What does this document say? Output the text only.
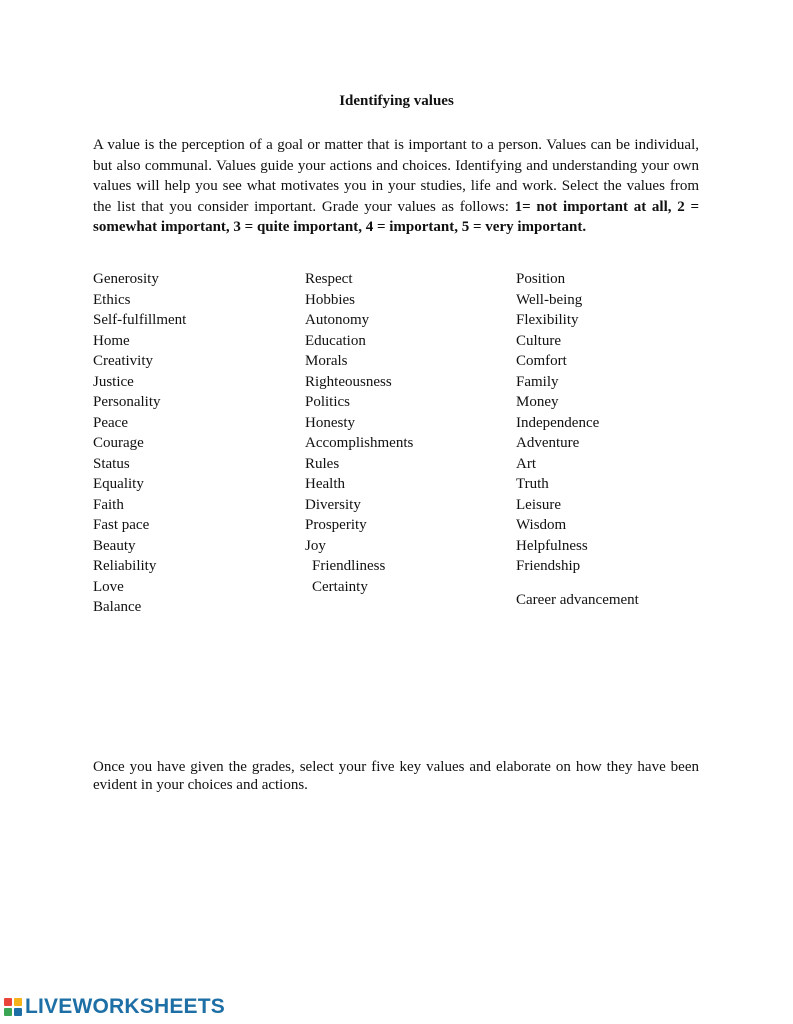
Identifying values

A value is the perception of a goal or matter that is important to a person. Values can be individual, but also communal. Values guide your actions and choices. Identifying and understanding your own values will help you see what motivates you in your studies, life and work. Select the values from the list that you consider important. Grade your values as follows: 1= not important at all, 2 = somewhat important, 3 = quite important, 4 = important, 5 = very important.

Generosity
Ethics
Self-fulfillment
Home
Creativity
Justice
Personality
Peace
Courage
Status
Equality
Faith
Fast pace
Beauty
Reliability
Love
Balance
Respect
Hobbies
Autonomy
Education
Morals
Righteousness
Politics
Honesty
Accomplishments
Rules
Health
Diversity
Prosperity
Joy
Friendliness
Certainty
Position
Well-being
Flexibility
Culture
Comfort
Family
Money
Independence
Adventure
Art
Truth
Leisure
Wisdom
Helpfulness
Friendship
Career advancement

Once you have given the grades, select your five key values and elaborate on how they have been evident in your choices and actions.

LIVEWORKSHEETS
